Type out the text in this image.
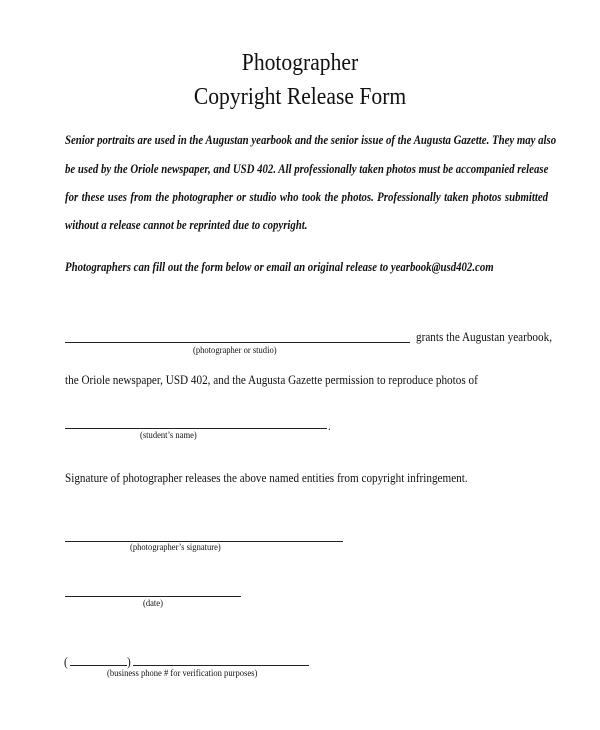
Photographer
Copyright Release Form
Senior portraits are used in the Augustan yearbook and the senior issue of the Augusta Gazette. They may also
be used by the Oriole newspaper, and USD 402. All professionally taken photos must be accompanied release
for these uses from the photographer or studio who took the photos. Professionally taken photos submitted
without a release cannot be reprinted due to copyright.
Photographers can fill out the form below or email an original release to yearbook@usd402.com
grants the Augustan yearbook,
(photographer or studio)
the Oriole newspaper, USD 402, and the Augusta Gazette permission to reproduce photos of
.
(student’s name)
Signature of photographer releases the above named entities from copyright infringement.
(photographer’s signature)
(date)
(	)
(business phone # for verification purposes)
